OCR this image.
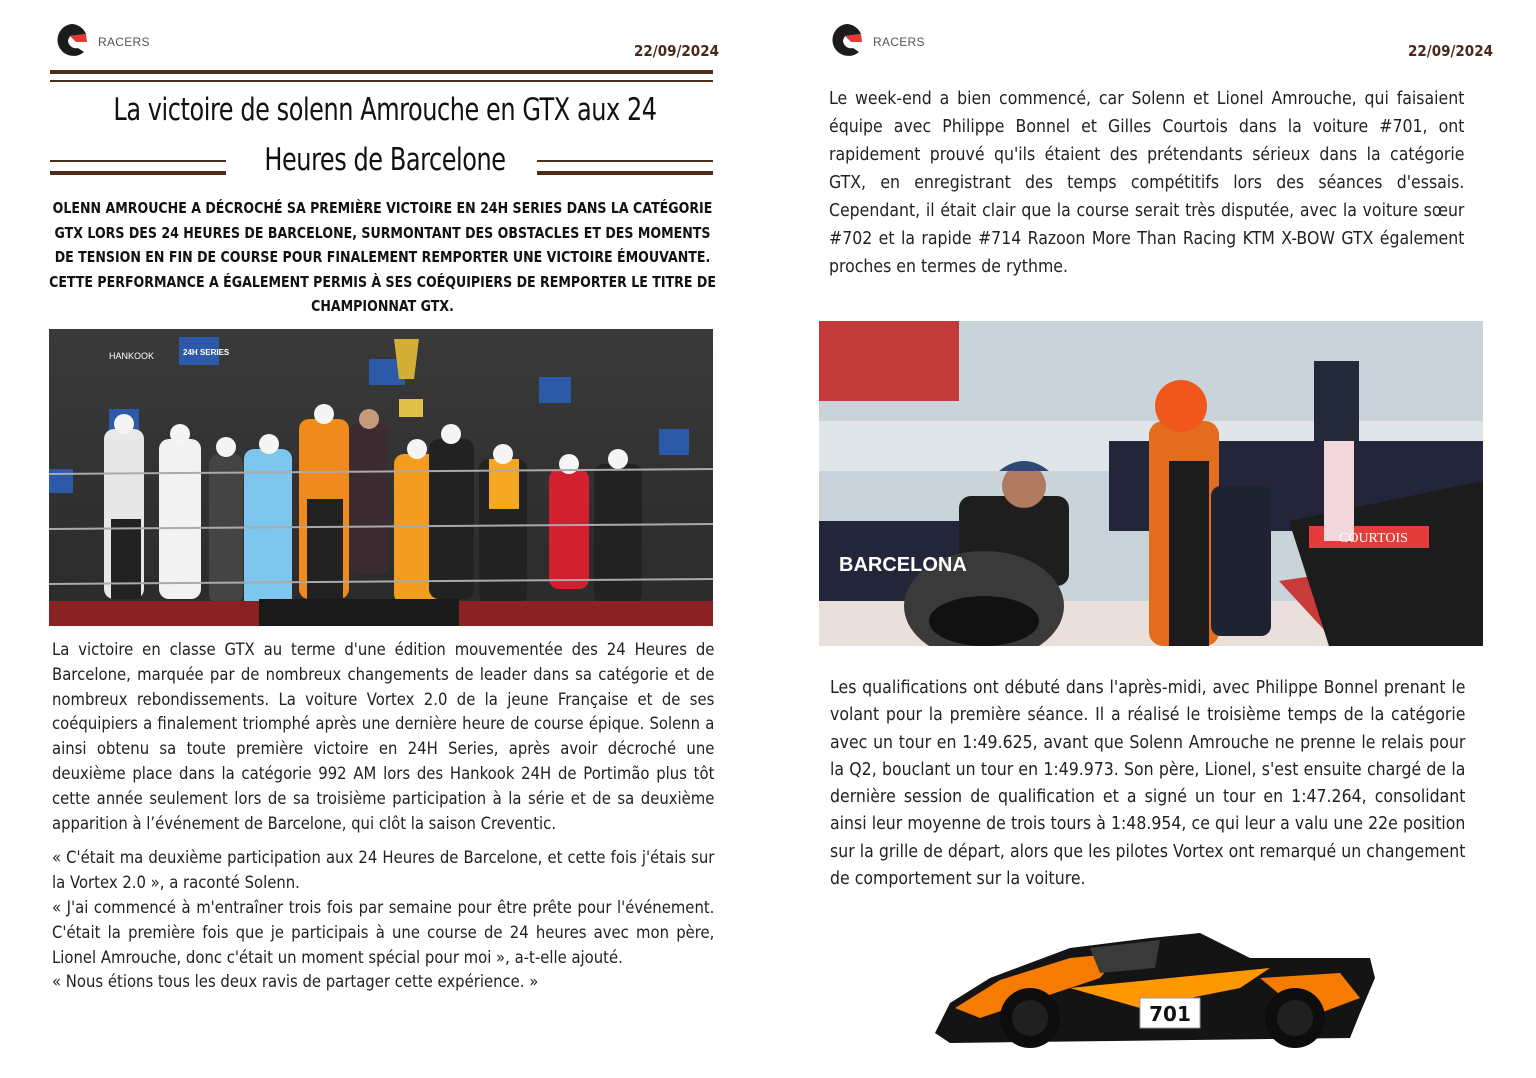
RACERS	22/09/2024
La victoire de solenn Amrouche en GTX aux 24
Heures de Barcelone
OLENN AMROUCHE A DÉCROCHÉ SA PREMIÈRE VICTOIRE EN 24H SERIES DANS LA CATÉGORIE GTX LORS DES 24 HEURES DE BARCELONE, SURMONTANT DES OBSTACLES ET DES MOMENTS DE TENSION EN FIN DE COURSE POUR FINALEMENT REMPORTER UNE VICTOIRE ÉMOUVANTE. CETTE PERFORMANCE A ÉGALEMENT PERMIS À SES COÉQUIPIERS DE REMPORTER LE TITRE DE CHAMPIONNAT GTX.
HANKOOK	24H SERIES

La victoire en classe GTX au terme d'une édition mouvementée des 24 Heures de Barcelone, marquée par de nombreux changements de leader dans sa catégorie et de nombreux rebondissements. La voiture Vortex 2.0 de la jeune Française et de ses coéquipiers a finalement triomphé après une dernière heure de course épique. Solenn a ainsi obtenu sa toute première victoire en 24H Series, après avoir décroché une deuxième place dans la catégorie 992 AM lors des Hankook 24H de Portimão plus tôt cette année seulement lors de sa troisième participation à la série et de sa deuxième apparition à l’événement de Barcelone, qui clôt la saison Creventic.

« C'était ma deuxième participation aux 24 Heures de Barcelone, et cette fois j'étais sur la Vortex 2.0 », a raconté Solenn.

« J'ai commencé à m'entraîner trois fois par semaine pour être prête pour l'événement. C'était la première fois que je participais à une course de 24 heures avec mon père, Lionel Amrouche, donc c'était un moment spécial pour moi », a-t-elle ajouté.

« Nous étions tous les deux ravis de partager cette expérience. »

RACERS	22/09/2024

Le week-end a bien commencé, car Solenn et Lionel Amrouche, qui faisaient équipe avec Philippe Bonnel et Gilles Courtois dans la voiture #701, ont rapidement prouvé qu'ils étaient des prétendants sérieux dans la catégorie GTX, en enregistrant des temps compétitifs lors des séances d'essais. Cependant, il était clair que la course serait très disputée, avec la voiture sœur #702 et la rapide #714 Razoon More Than Racing KTM X-BOW GTX également proches en termes de rythme.

BARCELONA
COURTOIS

Les qualifications ont débuté dans l'après-midi, avec Philippe Bonnel prenant le volant pour la première séance. Il a réalisé le troisième temps de la catégorie avec un tour en 1:49.625, avant que Solenn Amrouche ne prenne le relais pour la Q2, bouclant un tour en 1:49.973. Son père, Lionel, s'est ensuite chargé de la dernière session de qualification et a signé un tour en 1:47.264, consolidant ainsi leur moyenne de trois tours à 1:48.954, ce qui leur a valu une 22e position sur la grille de départ, alors que les pilotes Vortex ont remarqué un changement de comportement sur la voiture.

701
